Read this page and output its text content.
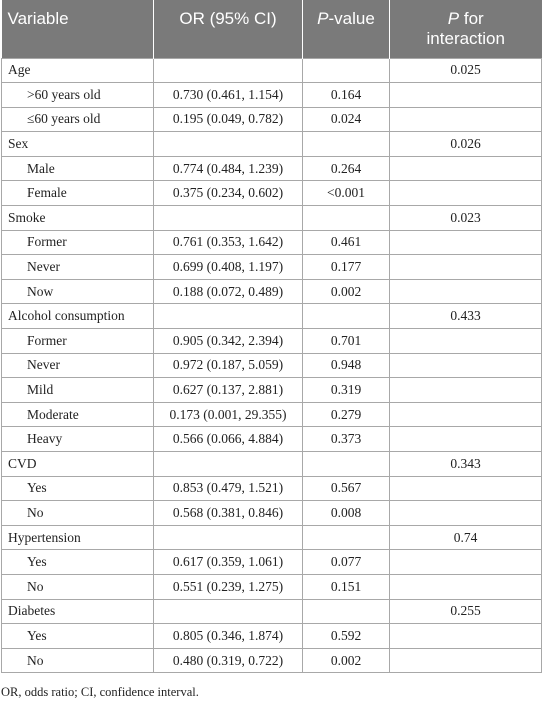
Variable	OR (95% CI)	P-value	P for
interaction
Age			0.025
>60 years old	0.730 (0.461, 1.154)	0.164	
≤60 years old	0.195 (0.049, 0.782)	0.024	
Sex			0.026
Male	0.774 (0.484, 1.239)	0.264	
Female	0.375 (0.234, 0.602)	<0.001	
Smoke			0.023
Former	0.761 (0.353, 1.642)	0.461	
Never	0.699 (0.408, 1.197)	0.177	
Now	0.188 (0.072, 0.489)	0.002	
Alcohol consumption			0.433
Former	0.905 (0.342, 2.394)	0.701	
Never	0.972 (0.187, 5.059)	0.948	
Mild	0.627 (0.137, 2.881)	0.319	
Moderate	0.173 (0.001, 29.355)	0.279	
Heavy	0.566 (0.066, 4.884)	0.373	
CVD			0.343
Yes	0.853 (0.479, 1.521)	0.567	
No	0.568 (0.381, 0.846)	0.008	
Hypertension			0.74
Yes	0.617 (0.359, 1.061)	0.077	
No	0.551 (0.239, 1.275)	0.151	
Diabetes			0.255
Yes	0.805 (0.346, 1.874)	0.592	
No	0.480 (0.319, 0.722)	0.002	
OR, odds ratio; CI, confidence interval.
